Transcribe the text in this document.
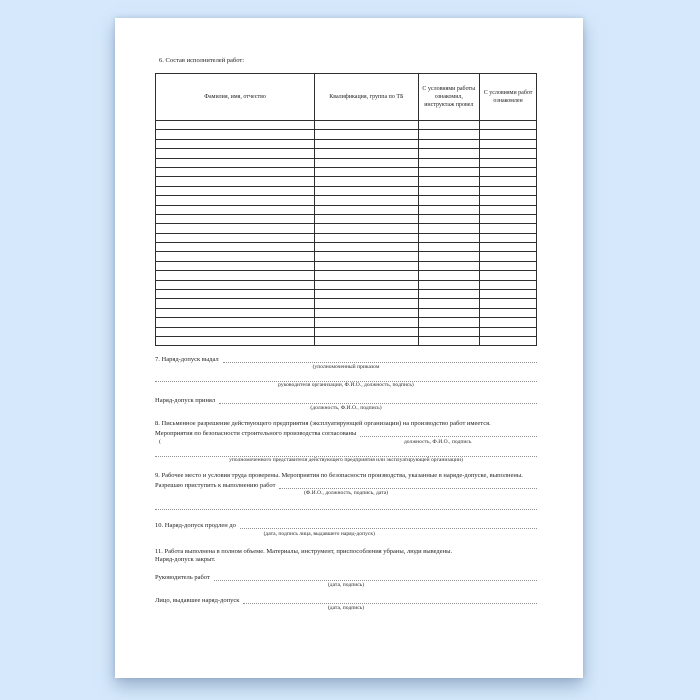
6. Состав исполнителей работ:
Фамилия, имя, отчество	Квалификация, группа по ТБ	С условиями работы ознакомил, инструктаж провел	С условиями работ ознакомлен

7. Наряд-допуск выдал
(уполномоченный приказом
руководителя организации, Ф.И.О., должность, подпись)
Наряд-допуск принял
(должность, Ф.И.О., подпись)

8. Письменное разрешение действующего предприятия (эксплуатирующей организации) на производство работ имеется.

Мероприятия по безопасности строительного производства согласованы
(	должность, Ф.И.О., подпись
уполномоченного представителя действующего предприятия или эксплуатирующей организации)

9. Рабочее место и условия труда проверены. Мероприятия по безопасности производства, указанные в наряде-допуске, выполнены.

Разрешаю приступить к выполнению работ
(Ф.И.О., должность, подпись, дата)
10. Наряд-допуск продлен до
(дата, подпись лица, выдавшего наряд-допуск)

11. Работа выполнена в полном объеме. Материалы, инструмент, приспособления убраны, люди выведены.

Наряд-допуск закрыт.

Руководитель работ
(дата, подпись)
Лицо, выдавшее наряд-допуск
(дата, подпись)
